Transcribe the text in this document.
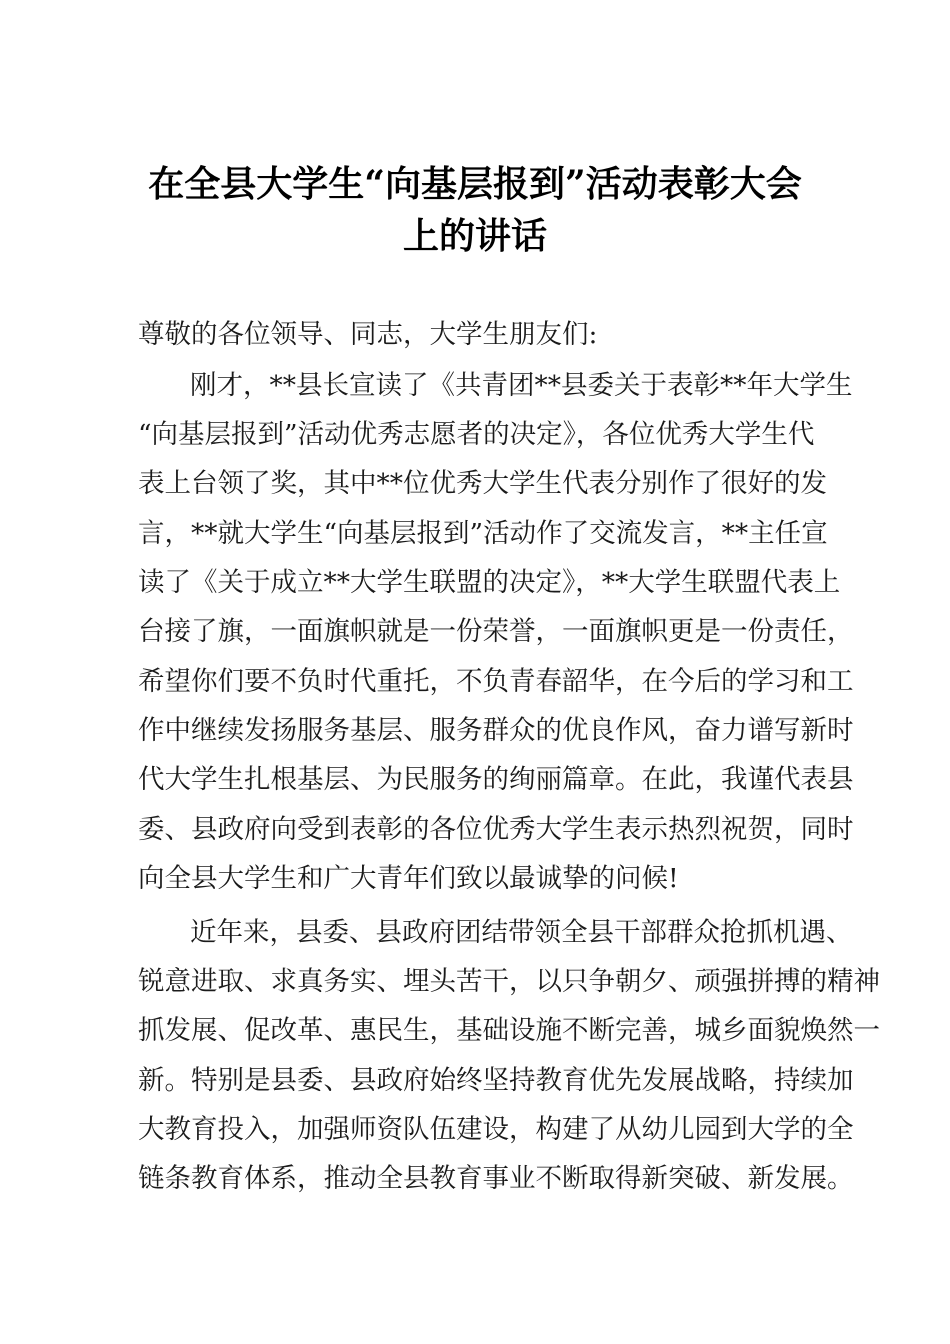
在全县大学生“向基层报到”活动表彰大会
上的讲话
尊敬的各位领导、同志，大学生朋友们:
刚才，**县长宣读了《共青团**县委关于表彰**年大学生
“向基层报到”活动优秀志愿者的决定》，各位优秀大学生代
表上台领了奖，其中**位优秀大学生代表分别作了很好的发
言，**就大学生“向基层报到”活动作了交流发言，**主任宣
读了《关于成立**大学生联盟的决定》，**大学生联盟代表上
台接了旗，一面旗帜就是一份荣誉，一面旗帜更是一份责任，
希望你们要不负时代重托，不负青春韶华，在今后的学习和工
作中继续发扬服务基层、服务群众的优良作风，奋力谱写新时
代大学生扎根基层、为民服务的绚丽篇章。在此，我谨代表县
委、县政府向受到表彰的各位优秀大学生表示热烈祝贺，同时
向全县大学生和广大青年们致以最诚挚的问候!
近年来，县委、县政府团结带领全县干部群众抢抓机遇、
锐意进取、求真务实、埋头苦干，以只争朝夕、顽强拼搏的精神
抓发展、促改革、惠民生，基础设施不断完善，城乡面貌焕然一
新。特别是县委、县政府始终坚持教育优先发展战略，持续加
大教育投入，加强师资队伍建设，构建了从幼儿园到大学的全
链条教育体系，推动全县教育事业不断取得新突破、新发展。
